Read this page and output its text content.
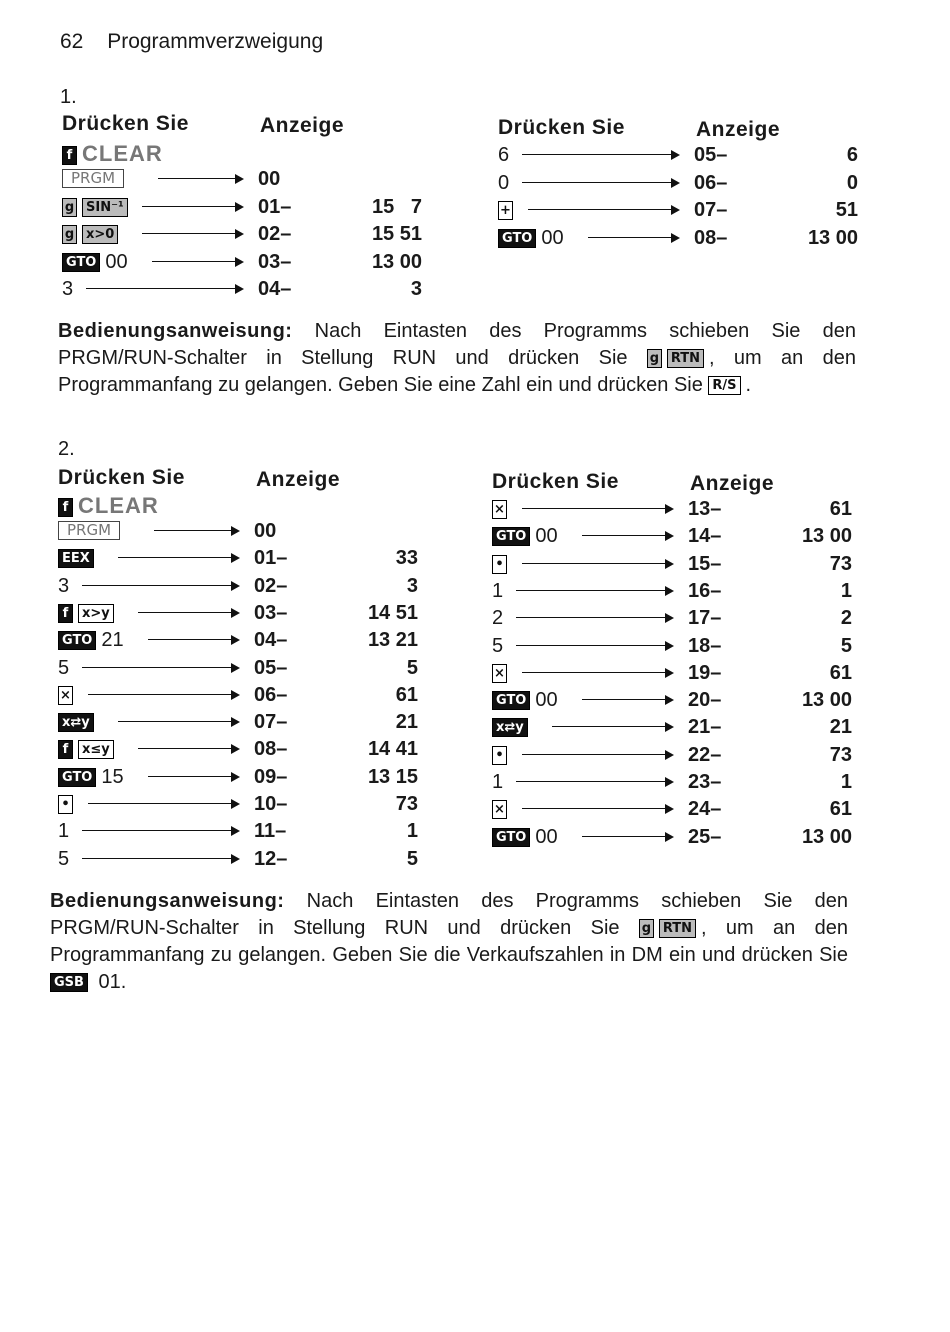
62 Programmverzweigung
1.
Drücken Sie	Anzeige
f CLEAR
PRGM	00
g SIN⁻¹	01–	15   7
g x>0	02–	15 51
GTO 00	03–	13 00
3	04–	3
Drücken Sie	Anzeige
6	05–	6
0	06–	0
+	07–	51
GTO 00	08–	13 00
Bedienungsanweisung: Nach Eintasten des Programms schieben Sie den PRGM/RUN-Schalter in Stellung RUN und drücken Sie g RTN , um an den Programmanfang zu gelangen. Geben Sie eine Zahl ein und drücken Sie R/S .
2.
Drücken Sie	Anzeige
f CLEAR
PRGM	00
EEX	01–	33
3	02–	3
f x>y	03–	14 51
GTO 21	04–	13 21
5	05–	5
×	06–	61
x⇄y	07–	21
f x≤y	08–	14 41
GTO 15	09–	13 15
•	10–	73
1	11–	1
5	12–	5
Drücken Sie	Anzeige
×	13–	61
GTO 00	14–	13 00
•	15–	73
1	16–	1
2	17–	2
5	18–	5
×	19–	61
GTO 00	20–	13 00
x⇄y	21–	21
•	22–	73
1	23–	1
×	24–	61
GTO 00	25–	13 00
Bedienungsanweisung: Nach Eintasten des Programms schieben Sie den PRGM/RUN-Schalter in Stellung RUN und drücken Sie g RTN , um an den Programmanfang zu gelangen. Geben Sie die Verkaufszahlen in DM ein und drücken Sie GSB 01.
